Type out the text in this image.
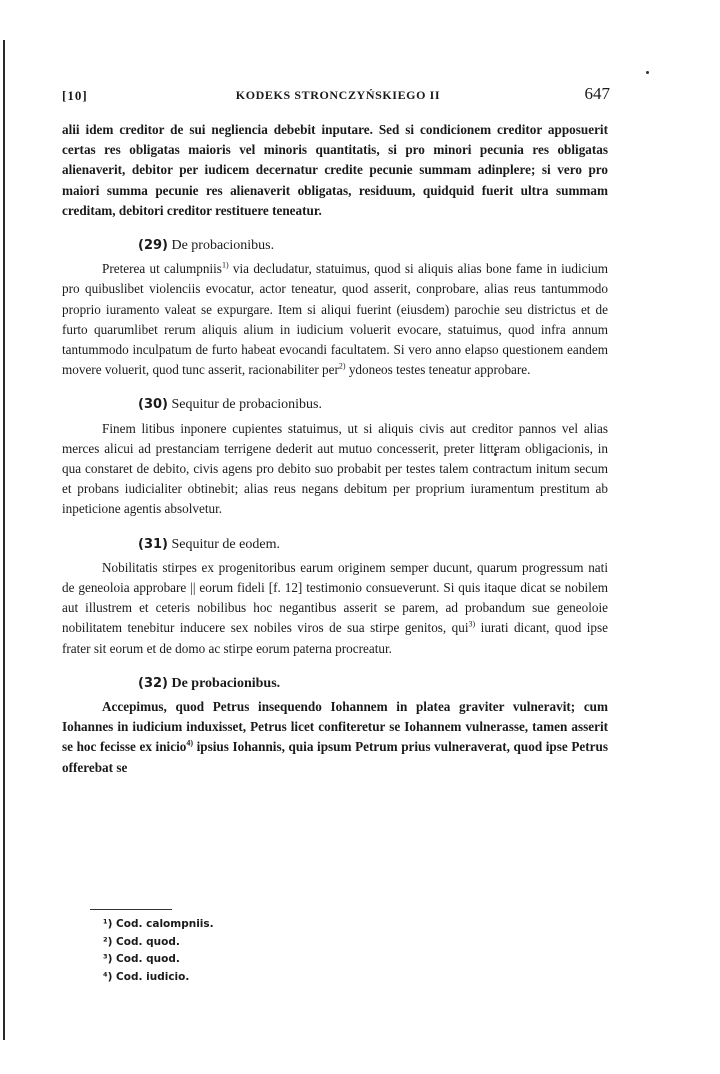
[10]	KODEKS STRONCZYŃSKIEGO II	647

alii idem creditor de sui negliencia debebit inputare. Sed si condicionem creditor apposuerit certas res obligatas maioris vel minoris quantitatis, si pro minori pecunia res obligatas alienaverit, debitor per iudicem decernatur credite pecunie summam adinplere; si vero pro maiori summa pecunie res alienaverit obligatas, residuum, quidquid fuerit ultra summam creditam, debitori creditor restituere teneatur.

(29) De probacionibus.

Preterea ut calumpniis$^{1)}$ via decludatur, statuimus, quod si aliquis alias bone fame in iudicium pro quibuslibet violenciis evocatur, actor teneatur, quod asserit, conprobare, alias reus tantummodo proprio iuramento valeat se expurgare. Item si aliqui fuerint (eiusdem) parochie seu districtus et de furto quarumlibet rerum aliquis alium in iudicium voluerit evocare, statuimus, quod infra annum tantummodo inculpatum de furto habeat evocandi facultatem. Si vero anno elapso questionem eandem movere voluerit, quod tunc asserit, racionabiliter per$^{2)}$ ydoneos testes teneatur approbare.

(30) Sequitur de probacionibus.

Finem litibus inponere cupientes statuimus, ut si aliquis civis aut creditor pannos vel alias merces alicui ad prestanciam terrigene dederit aut mutuo concesserit, preter litteram obligacionis, in qua constaret de debito, civis agens pro debito suo probabit per testes talem contractum initum secum et probans iudicialiter obtinebit; alias reus negans debitum per proprium iuramentum prestitum ab inpeticione agentis absolvetur.

(31) Sequitur de eodem.

Nobilitatis stirpes ex progenitoribus earum originem semper ducunt, quarum progressum nati de geneoloia approbare || eorum fideli [f. 12] testimonio consueverunt. Si quis itaque dicat se nobilem aut illustrem et ceteris nobilibus hoc negantibus asserit se parem, ad probandum sue geneoloie nobilitatem tenebitur inducere sex nobiles viros de sua stirpe genitos, qui$^{3)}$ iurati dicant, quod ipse frater sit eorum et de domo ac stirpe eorum paterna procreatur.

(32) De probacionibus.

Accepimus, quod Petrus insequendo Iohannem in platea graviter vulneravit; cum Iohannes in iudicium induxisset, Petrus licet confiteretur se Iohannem vulnerasse, tamen asserit se hoc fecisse ex inicio$^{4)}$ ipsius Iohannis, quia ipsum Petrum prius vulneraverat, quod ipse Petrus offerebat se

¹) Cod. calompniis.

²) Cod. quod.

³) Cod. quod.

⁴) Cod. iudicio.
